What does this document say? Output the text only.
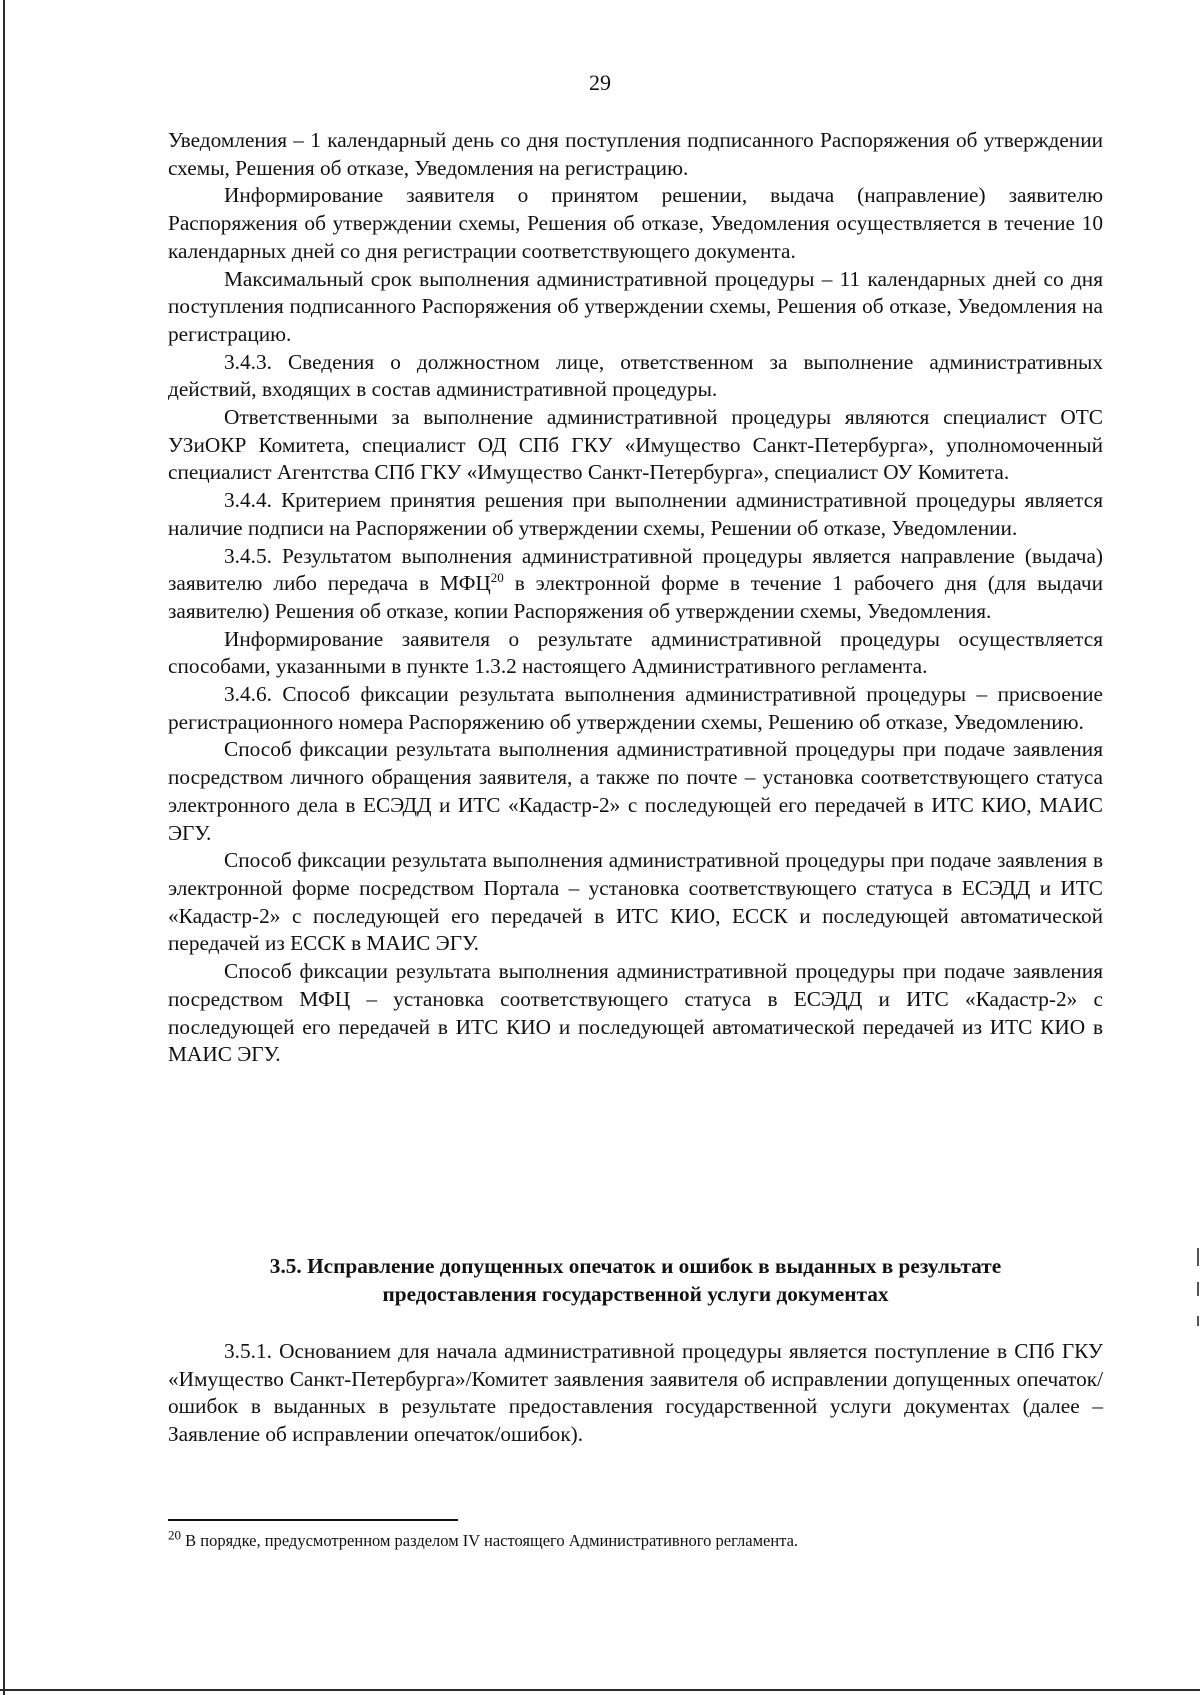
29

Уведомления – 1 календарный день со дня поступления подписанного Распоряжения об утверждении схемы, Решения об отказе, Уведомления на регистрацию.

Информирование заявителя о принятом решении, выдача (направление) заявителю Распоряжения об утверждении схемы, Решения об отказе, Уведомления осуществляется в течение 10 календарных дней со дня регистрации соответствующего документа.

Максимальный срок выполнения административной процедуры – 11 календарных дней со дня поступления подписанного Распоряжения об утверждении схемы, Решения об отказе, Уведомления на регистрацию.

3.4.3. Сведения о должностном лице, ответственном за выполнение административных действий, входящих в состав административной процедуры.

Ответственными за выполнение административной процедуры являются специалист ОТС УЗиОКР Комитета, специалист ОД СПб ГКУ «Имущество Санкт-Петербурга», уполномоченный специалист Агентства СПб ГКУ «Имущество Санкт-Петербурга», специалист ОУ Комитета.

3.4.4. Критерием принятия решения при выполнении административной процедуры является наличие подписи на Распоряжении об утверждении схемы, Решении об отказе, Уведомлении.

3.4.5. Результатом выполнения административной процедуры является направление (выдача) заявителю либо передача в МФЦ$^{20}$ в электронной форме в течение 1 рабочего дня (для выдачи заявителю) Решения об отказе, копии Распоряжения об утверждении схемы, Уведомления.

Информирование заявителя о результате административной процедуры осуществляется способами, указанными в пункте 1.3.2 настоящего Административного регламента.

3.4.6. Способ фиксации результата выполнения административной процедуры – присвоение регистрационного номера Распоряжению об утверждении схемы, Решению об отказе, Уведомлению.

Способ фиксации результата выполнения административной процедуры при подаче заявления посредством личного обращения заявителя, а также по почте – установка соответствующего статуса электронного дела в ЕСЭДД и ИТС «Кадастр-2» с последующей его передачей в ИТС КИО, МАИС ЭГУ.

Способ фиксации результата выполнения административной процедуры при подаче заявления в электронной форме посредством Портала – установка соответствующего статуса в ЕСЭДД и ИТС «Кадастр-2» с последующей его передачей в ИТС КИО, ЕССК и последующей автоматической передачей из ЕССК в МАИС ЭГУ.

Способ фиксации результата выполнения административной процедуры при подаче заявления посредством МФЦ – установка соответствующего статуса в ЕСЭДД и ИТС «Кадастр-2» с последующей его передачей в ИТС КИО и последующей автоматической передачей из ИТС КИО в МАИС ЭГУ.

3.5. Исправление допущенных опечаток и ошибок в выданных в результате
предоставления государственной услуги документах

3.5.1. Основанием для начала административной процедуры является поступление в СПб ГКУ «Имущество Санкт-Петербурга»/Комитет заявления заявителя об исправлении допущенных опечаток/ошибок в выданных в результате предоставления государственной услуги документах (далее – Заявление об исправлении опечаток/ошибок).

$^{20}$ В порядке, предусмотренном разделом IV настоящего Административного регламента.
